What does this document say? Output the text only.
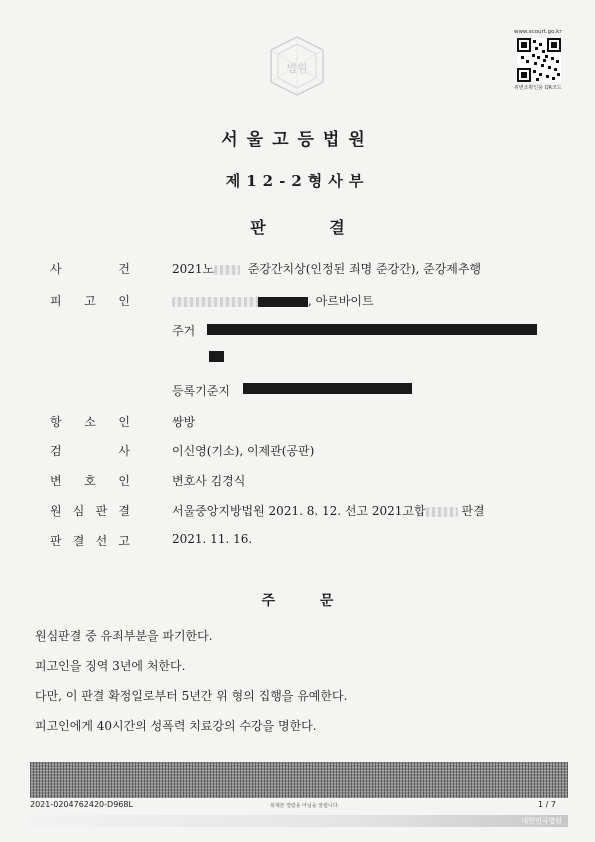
법원
www.scourt.go.kr
위변조확인용 QR코드
서울고등법원
제12-2형사부
판 결
사	건	2021노	준강간치상(인정된 죄명 준강간), 준강제추행
피 고 인	, 아르바이트
주거
등록기준지
항 소 인	쌍방
검	사	이신영(기소), 이제관(공판)
변 호 인	변호사 김경식
원 심 판 결	서울중앙지방법원 2021. 8. 12. 선고 2021고합	판결
판 결 선 고	2021. 11. 16.
주 문
원심판결 중 유죄부분을 파기한다.
피고인을 징역 3년에 처한다.
다만, 이 판결 확정일로부터 5년간 위 형의 집행을 유예한다.
피고인에게 40시간의 성폭력 치료강의 수강을 명한다.
2021-0204762420-D968L	복제본 열람용 아님을 알립니다.	1 / 7
대한민국법원
